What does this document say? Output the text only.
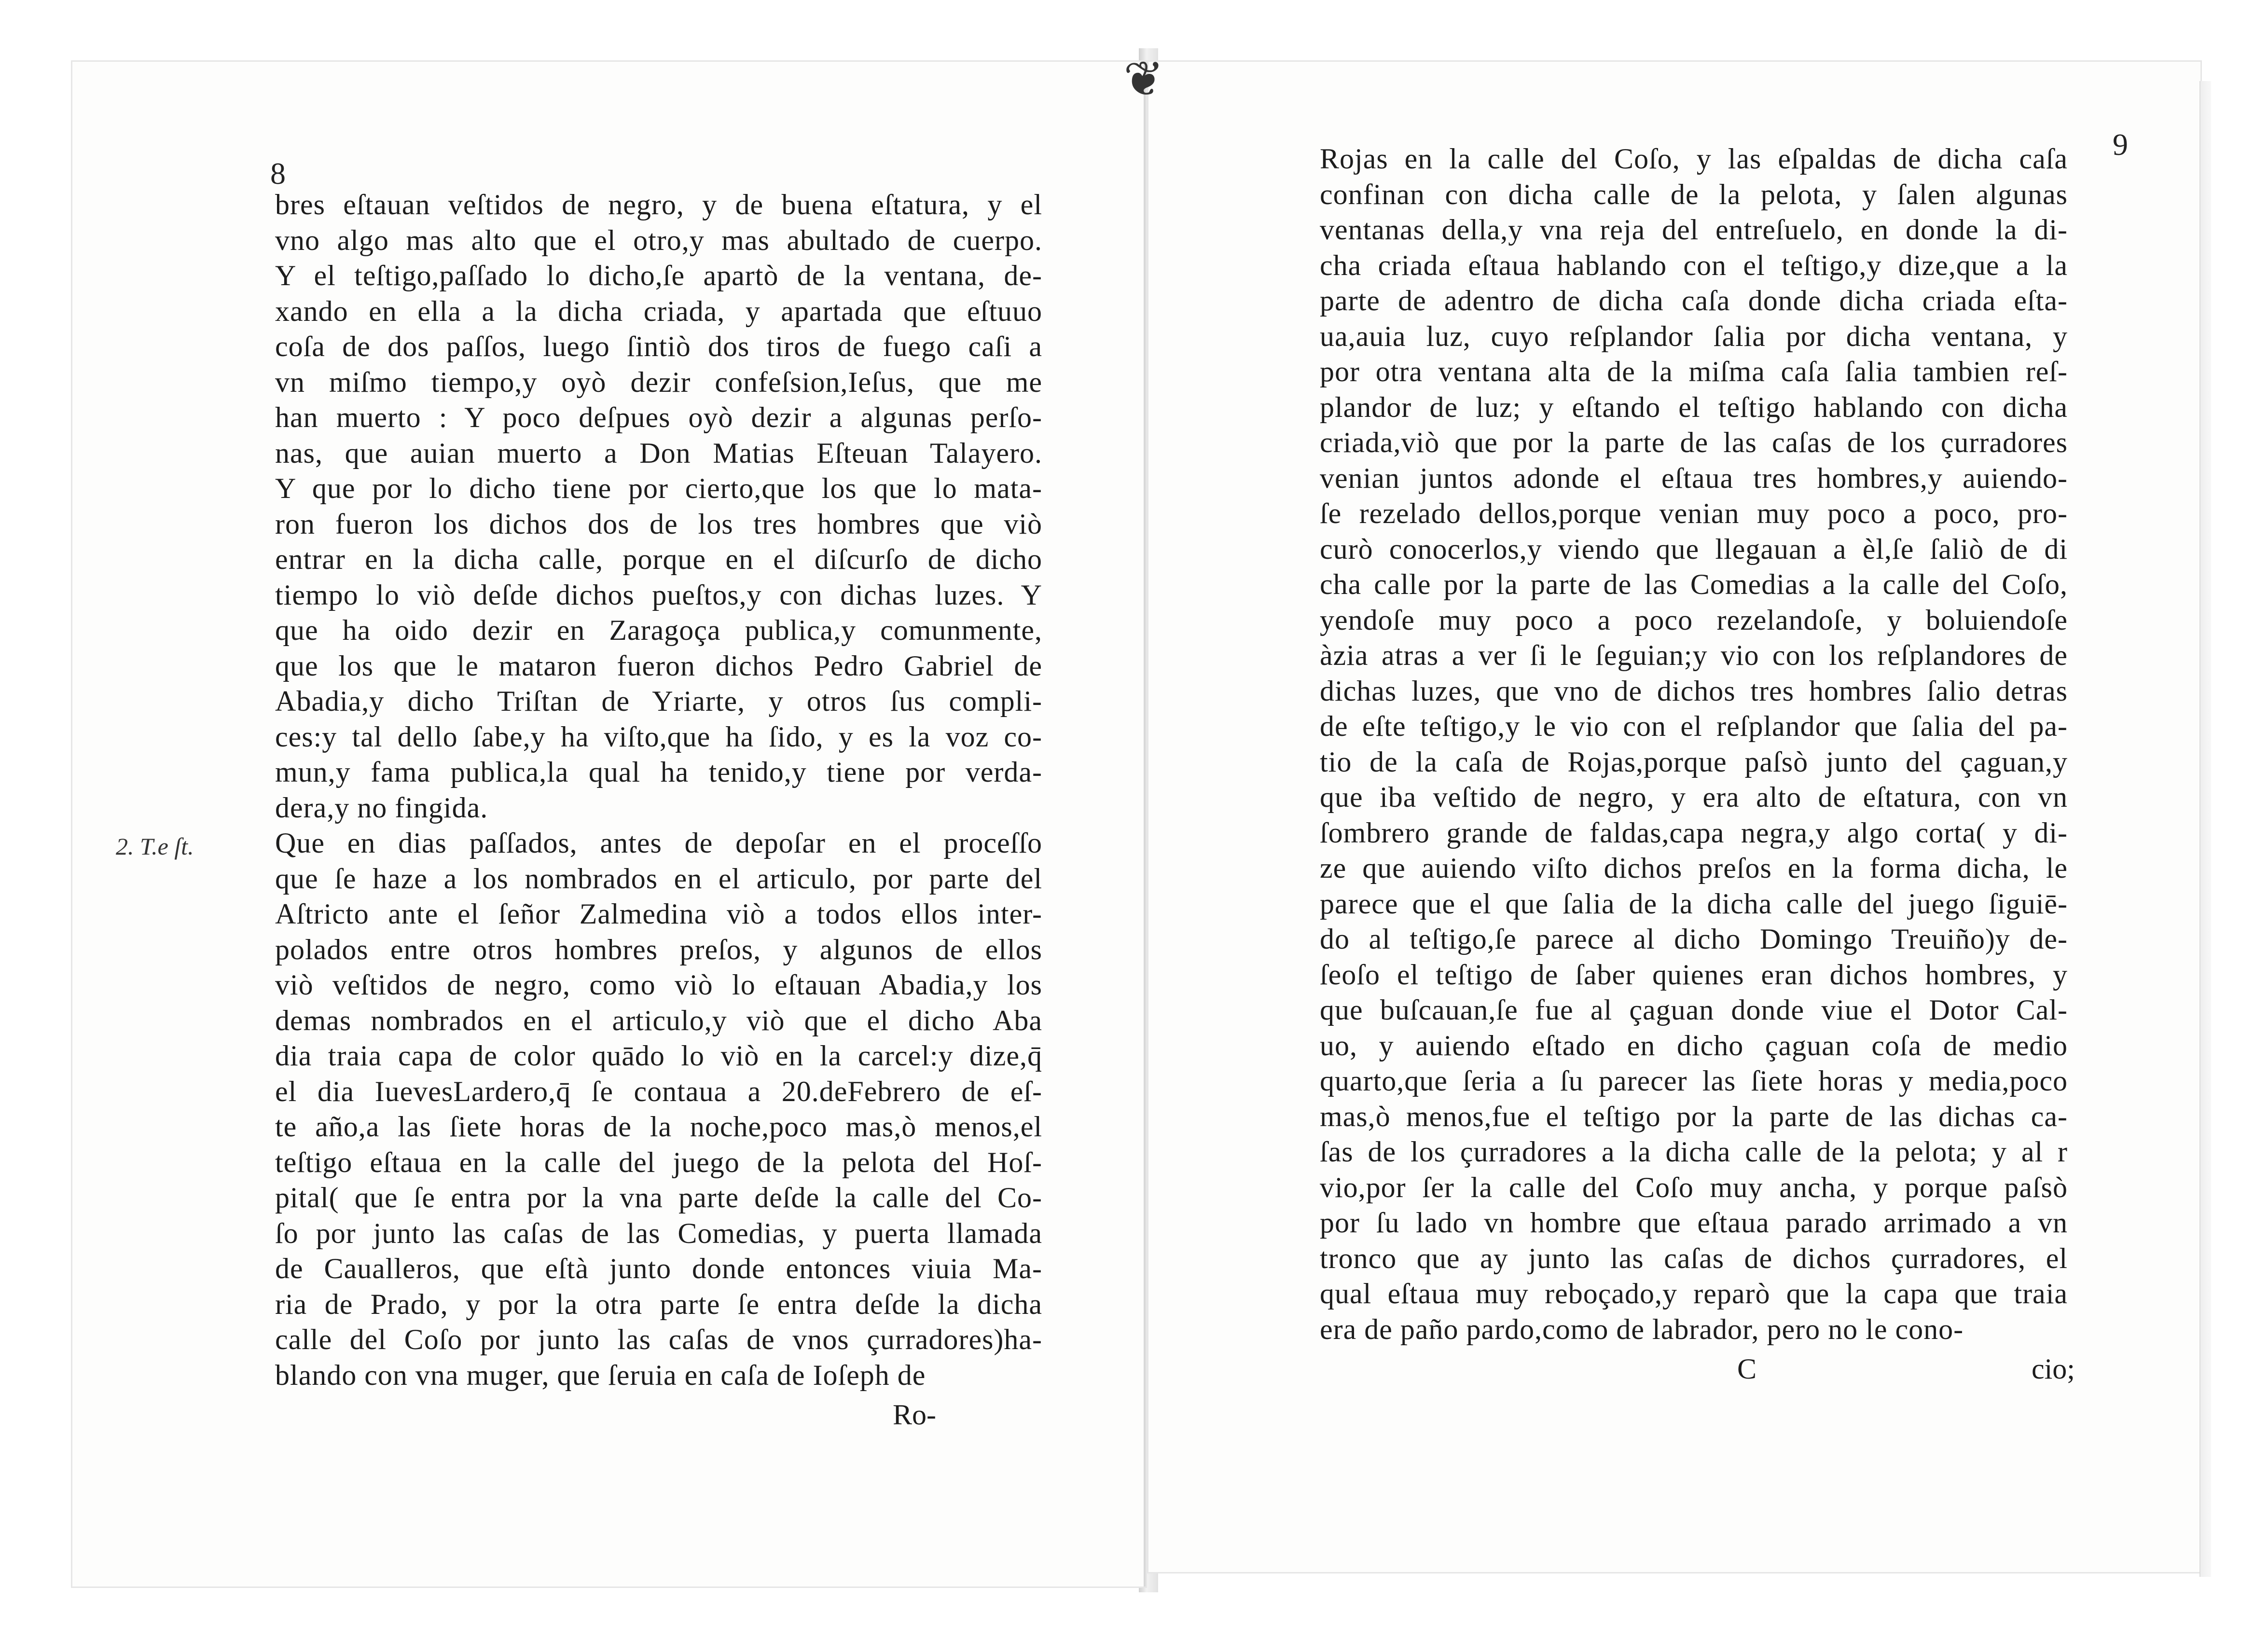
8
bres eſtauan veſtidos de negro, y de buena eſtatura, y el
vno algo mas alto que el otro,y mas abultado de cuerpo.
Y el teſtigo,paſſado lo dicho,ſe apartò de la ventana, de-
xando en ella a la dicha criada, y apartada que eſtuuo
coſa de dos paſſos, luego ſintiò dos tiros de fuego caſi a
vn miſmo tiempo,y oyò dezir confeſsion,Ieſus, que me
han muerto : Y poco deſpues oyò dezir a algunas perſo-
nas, que auian muerto a Don Matias Eſteuan Talayero.
Y que por lo dicho tiene por cierto,que los que lo mata-
ron fueron los dichos dos de los tres hombres que viò
entrar en la dicha calle, porque en el diſcurſo de dicho
tiempo lo viò deſde dichos pueſtos,y con dichas luzes. Y
que ha oido dezir en Zaragoça publica,y comunmente,
que los que le mataron fueron dichos Pedro Gabriel de
Abadia,y dicho Triſtan de Yriarte, y otros ſus compli-
ces:y tal dello ſabe,y ha viſto,que ha ſido, y es la voz co-
mun,y fama publica,la qual ha tenido,y tiene por verda-
dera,y no fingida.
Que en dias paſſados, antes de depoſar en el proceſſo
que ſe haze a los nombrados en el articulo, por parte del
Aſtricto ante el ſeñor Zalmedina viò a todos ellos inter-
polados entre otros hombres preſos, y algunos de ellos
viò veſtidos de negro, como viò lo eſtauan Abadia,y los
demas nombrados en el articulo,y viò que el dicho Aba
dia traia capa de color quādo lo viò en la carcel:y dize,q̄
el dia IuevesLardero,q̄ ſe contaua a 20.deFebrero de eſ-
te año,a las ſiete horas de la noche,poco mas,ò menos,el
teſtigo eſtaua en la calle del juego de la pelota del Hoſ-
pital( que ſe entra por la vna parte deſde la calle del Co-
ſo por junto las caſas de las Comedias, y puerta llamada
de Caualleros, que eſtà junto donde entonces viuia Ma-
ria de Prado, y por la otra parte ſe entra deſde la dicha
calle del Coſo por junto las caſas de vnos çurradores)ha-
blando con vna muger, que ſeruia en caſa de Ioſeph de
Ro-
2. T.e ſt.
9
Rojas en la calle del Coſo, y las eſpaldas de dicha caſa
confinan con dicha calle de la pelota, y ſalen algunas
ventanas della,y vna reja del entreſuelo, en donde la di-
cha criada eſtaua hablando con el teſtigo,y dize,que a la
parte de adentro de dicha caſa donde dicha criada eſta-
ua,auia luz, cuyo reſplandor ſalia por dicha ventana, y
por otra ventana alta de la miſma caſa ſalia tambien reſ-
plandor de luz; y eſtando el teſtigo hablando con dicha
criada,viò que por la parte de las caſas de los çurradores
venian juntos adonde el eſtaua tres hombres,y auiendo-
ſe rezelado dellos,porque venian muy poco a poco, pro-
curò conocerlos,y viendo que llegauan a èl,ſe ſaliò de di
cha calle por la parte de las Comedias a la calle del Coſo,
yendoſe muy poco a poco rezelandoſe, y boluiendoſe
àzia atras a ver ſi le ſeguian;y vio con los reſplandores de
dichas luzes, que vno de dichos tres hombres ſalio detras
de eſte teſtigo,y le vio con el reſplandor que ſalia del pa-
tio de la caſa de Rojas,porque paſsò junto del çaguan,y
que iba veſtido de negro, y era alto de eſtatura, con vn
ſombrero grande de faldas,capa negra,y algo corta( y di-
ze que auiendo viſto dichos preſos en la forma dicha, le
parece que el que ſalia de la dicha calle del juego ſiguiē-
do al teſtigo,ſe parece al dicho Domingo Treuiño)y de-
ſeoſo el teſtigo de ſaber quienes eran dichos hombres, y
que buſcauan,ſe fue al çaguan donde viue el Dotor Cal-
uo, y auiendo eſtado en dicho çaguan coſa de medio
quarto,que ſeria a ſu parecer las ſiete horas y media,poco
mas,ò menos,fue el teſtigo por la parte de las dichas ca-
ſas de los çurradores a la dicha calle de la pelota; y al r
vio,por ſer la calle del Coſo muy ancha, y porque paſsò
por ſu lado vn hombre que eſtaua parado arrimado a vn
tronco que ay junto las caſas de dichos çurradores, el
qual eſtaua muy reboçado,y reparò que la capa que traia
era de paño pardo,como de labrador, pero no le cono-
C	cio;
❦
